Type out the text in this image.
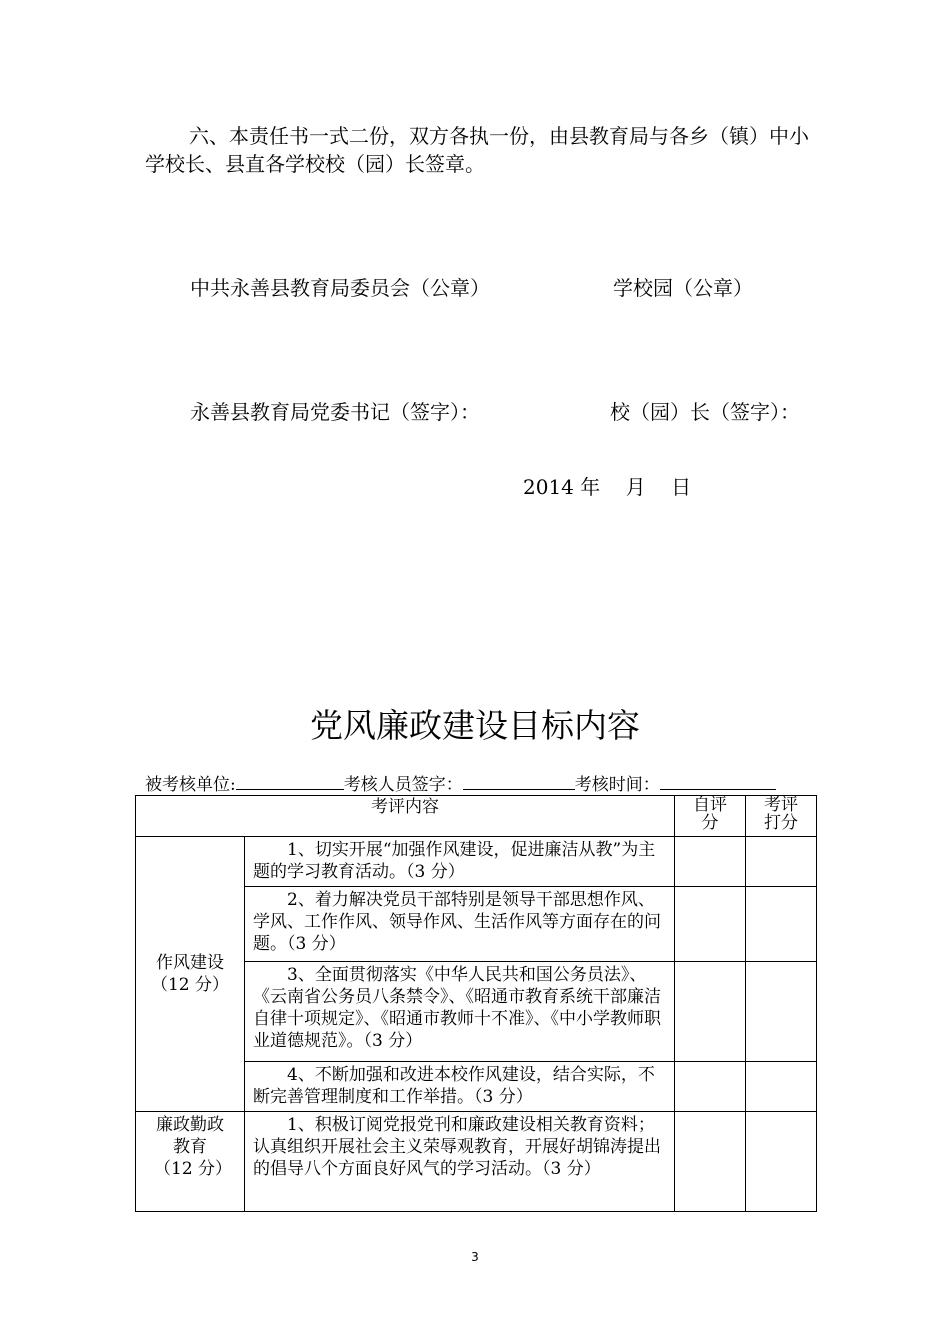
六、本责任书一式二份，双方各执一份，由县教育局与各乡（镇）中小学校长、县直各学校校（园）长签章。
中共永善县教育局委员会（公章）	学校园（公章）
永善县教育局党委书记（签字）：	校（园）长（签字）：
2014 年    月    日
党风廉政建设目标内容
被考核单位:	考核人员签字：	考核时间：
考评内容		自评分	考评打分

作风建设（12 分）	1、切实开展“加强作风建设，促进廉洁从教”为主题的学习教育活动。（3 分）		
	2、着力解决党员干部特别是领导干部思想作风、学风、工作作风、领导作风、生活作风等方面存在的问题。（3 分）		
	3、全面贯彻落实《中华人民共和国公务员法》、《云南省公务员八条禁令》、《昭通市教育系统干部廉洁自律十项规定》、《昭通市教师十不准》、《中小学教师职业道德规范》。（3 分）		
	4、不断加强和改进本校作风建设，结合实际，不断完善管理制度和工作举措。（3 分）		

廉政勤政教育（12 分）	1、积极订阅党报党刊和廉政建设相关教育资料；认真组织开展社会主义荣辱观教育，开展好胡锦涛提出的倡导八个方面良好风气的学习活动。（3 分）		
3
